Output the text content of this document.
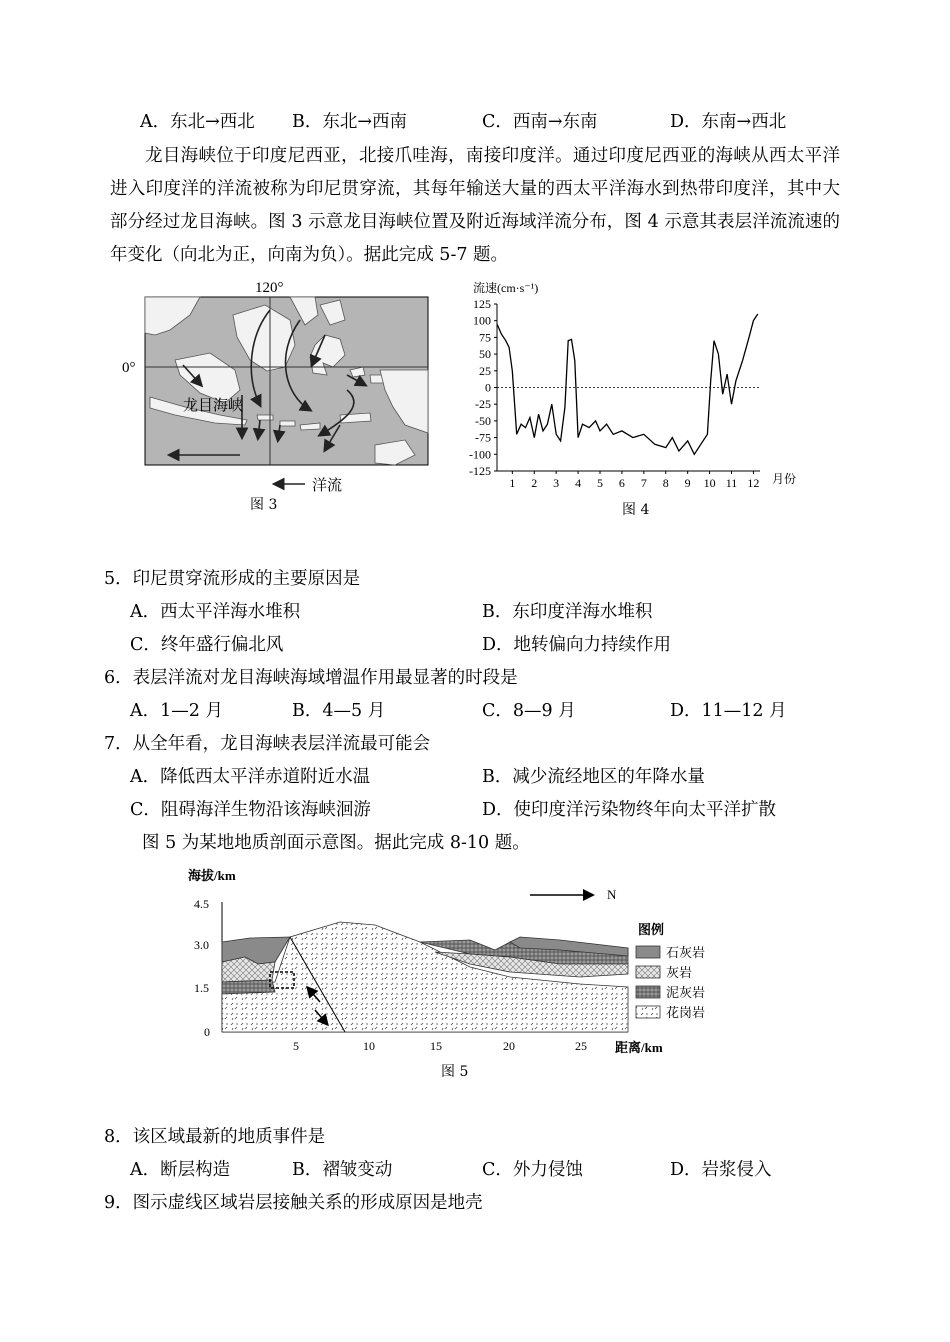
A．东北→西北 B．东北→西南	C．西南→东南	D．东南→西北
龙目海峡位于印度尼西亚，北接爪哇海，南接印度洋。通过印度尼西亚的海峡从西太平洋进入印度洋的洋流被称为印尼贯穿流，其每年输送大量的西太平洋海水到热带印度洋，其中大部分经过龙目海峡。图 3 示意龙目海峡位置及附近海域洋流分布，图 4 示意其表层洋流流速的年变化（向北为正，向南为负）。据此完成 5-7 题。
120°
0°
龙目海峡
洋流
图 3
流速(cm·s⁻¹)
125
100
75
50
25
0
-25
-50
-75
-100
-125
1 2 3 4 5 6 7 8 9 10 11 12 月份
图 4
5．印尼贯穿流形成的主要原因是
A．西太平洋海水堆积	B．东印度洋海水堆积
C．终年盛行偏北风	D．地转偏向力持续作用
6．表层洋流对龙目海峡海域增温作用最显著的时段是
A．1—2 月	B．4—5 月	C．8—9 月	D．11—12 月
7．从全年看，龙目海峡表层洋流最可能会
A．降低西太平洋赤道附近水温	B．减少流经地区的年降水量
C．阻碍海洋生物沿该海峡洄游	D．使印度洋污染物终年向太平洋扩散
图 5 为某地地质剖面示意图。据此完成 8-10 题。
海拔/km
4.5
3.0
1.5
0
5	10	15	20	25 距离/km
N
图例
石灰岩
灰岩
泥灰岩
花岗岩
图 5
8．该区域最新的地质事件是
A．断层构造	B．褶皱变动	C．外力侵蚀	D．岩浆侵入
9．图示虚线区域岩层接触关系的形成原因是地壳
